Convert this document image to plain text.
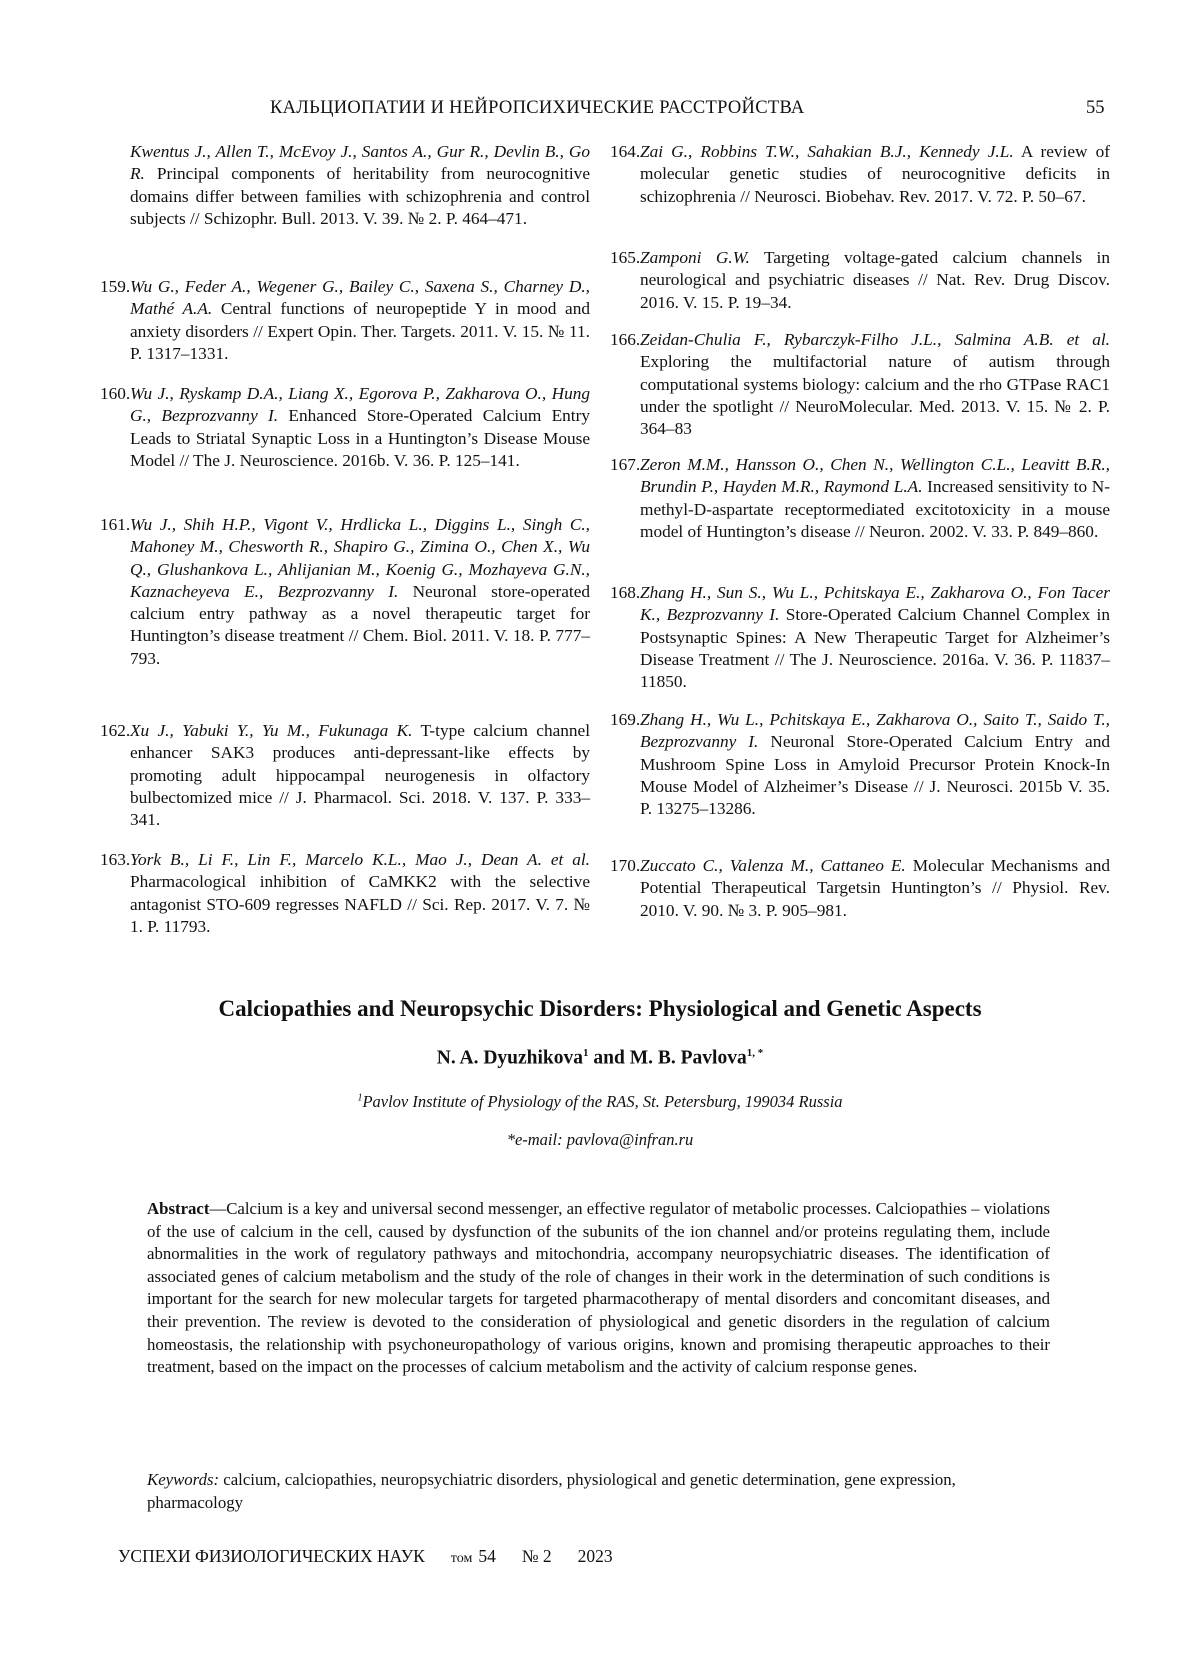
КАЛЬЦИОПАТИИ И НЕЙРОПСИХИЧЕСКИЕ РАССТРОЙСТВА	55
Kwentus J., Allen T., McEvoy J., Santos A., Gur R., Devlin B., Go R. Principal components of heritability from neurocognitive domains differ between families with schizophrenia and control subjects // Schizophr. Bull. 2013. V. 39. № 2. P. 464–471.
159. Wu G., Feder A., Wegener G., Bailey C., Saxena S., Charney D., Mathé A.A. Central functions of neuropeptide Y in mood and anxiety disorders // Expert Opin. Ther. Targets. 2011. V. 15. № 11. P. 1317–1331.
160. Wu J., Ryskamp D.A., Liang X., Egorova P., Zakharova O., Hung G., Bezprozvanny I. Enhanced Store-Operated Calcium Entry Leads to Striatal Synaptic Loss in a Huntington’s Disease Mouse Model // The J. Neuroscience. 2016b. V. 36. P. 125–141.
161. Wu J., Shih H.P., Vigont V., Hrdlicka L., Diggins L., Singh C., Mahoney M., Chesworth R., Shapiro G., Zimina O., Chen X., Wu Q., Glushankova L., Ahlijanian M., Koenig G., Mozhayeva G.N., Kaznacheyeva E., Bezprozvanny I. Neuronal store-operated calcium entry pathway as a novel therapeutic target for Huntington’s disease treatment // Chem. Biol. 2011. V. 18. P. 777–793.
162. Xu J., Yabuki Y., Yu M., Fukunaga K. T-type calcium channel enhancer SAK3 produces anti-depressant-like effects by promoting adult hippocampal neurogenesis in olfactory bulbectomized mice // J. Pharmacol. Sci. 2018. V. 137. P. 333–341.
163. York B., Li F., Lin F., Marcelo K.L., Mao J., Dean A. et al. Pharmacological inhibition of CaMKK2 with the selective antagonist STO-609 regresses NAFLD // Sci. Rep. 2017. V. 7. № 1. P. 11793.
164. Zai G., Robbins T.W., Sahakian B.J., Kennedy J.L. A review of molecular genetic studies of neurocognitive deficits in schizophrenia // Neurosci. Biobehav. Rev. 2017. V. 72. P. 50–67.
165. Zamponi G.W. Targeting voltage-gated calcium channels in neurological and psychiatric diseases // Nat. Rev. Drug Discov. 2016. V. 15. P. 19–34.
166. Zeidan-Chulia F., Rybarczyk-Filho J.L., Salmina A.B. et al. Exploring the multifactorial nature of autism through computational systems biology: calcium and the rho GTPase RAC1 under the spotlight // NeuroMolecular. Med. 2013. V. 15. № 2. P. 364–83
167. Zeron M.M., Hansson O., Chen N., Wellington C.L., Leavitt B.R., Brundin P., Hayden M.R., Raymond L.A. Increased sensitivity to N-methyl-D-aspartate receptormediated excitotoxicity in a mouse model of Huntington’s disease // Neuron. 2002. V. 33. P. 849–860.
168. Zhang H., Sun S., Wu L., Pchitskaya E., Zakharova O., Fon Tacer K., Bezprozvanny I. Store-Operated Calcium Channel Complex in Postsynaptic Spines: A New Therapeutic Target for Alzheimer’s Disease Treatment // The J. Neuroscience. 2016a. V. 36. P. 11837–11850.
169. Zhang H., Wu L., Pchitskaya E., Zakharova O., Saito T., Saido T., Bezprozvanny I. Neuronal Store-Operated Calcium Entry and Mushroom Spine Loss in Amyloid Precursor Protein Knock-In Mouse Model of Alzheimer’s Disease // J. Neurosci. 2015b V. 35. P. 13275–13286.
170. Zuccato C., Valenza M., Cattaneo E. Molecular Mechanisms and Potential Therapeutical Targetsin Huntington’s // Physiol. Rev. 2010. V. 90. № 3. P. 905–981.
Calciopathies and Neuropsychic Disorders: Physiological and Genetic Aspects
N. A. Dyuzhikova1 and M. B. Pavlova1, *
1Pavlov Institute of Physiology of the RAS, St. Petersburg, 199034 Russia
*e-mail: pavlova@infran.ru
Abstract—Calcium is a key and universal second messenger, an effective regulator of metabolic processes. Calciopathies – violations of the use of calcium in the cell, caused by dysfunction of the subunits of the ion channel and/or proteins regulating them, include abnormalities in the work of regulatory pathways and mitochondria, accompany neuropsychiatric diseases. The identification of associated genes of calcium metabolism and the study of the role of changes in their work in the determination of such conditions is important for the search for new molecular targets for targeted pharmacotherapy of mental disorders and concomitant diseases, and their prevention. The review is devoted to the consideration of physiological and genetic disorders in the regulation of calcium homeostasis, the relationship with psychoneuropathology of various origins, known and promising therapeutic approaches to their treatment, based on the impact on the processes of calcium metabolism and the activity of calcium response genes.
Keywords: calcium, calciopathies, neuropsychiatric disorders, physiological and genetic determination, gene expression, pharmacology
УСПЕХИ ФИЗИОЛОГИЧЕСКИХ НАУК том 54 № 2 2023
